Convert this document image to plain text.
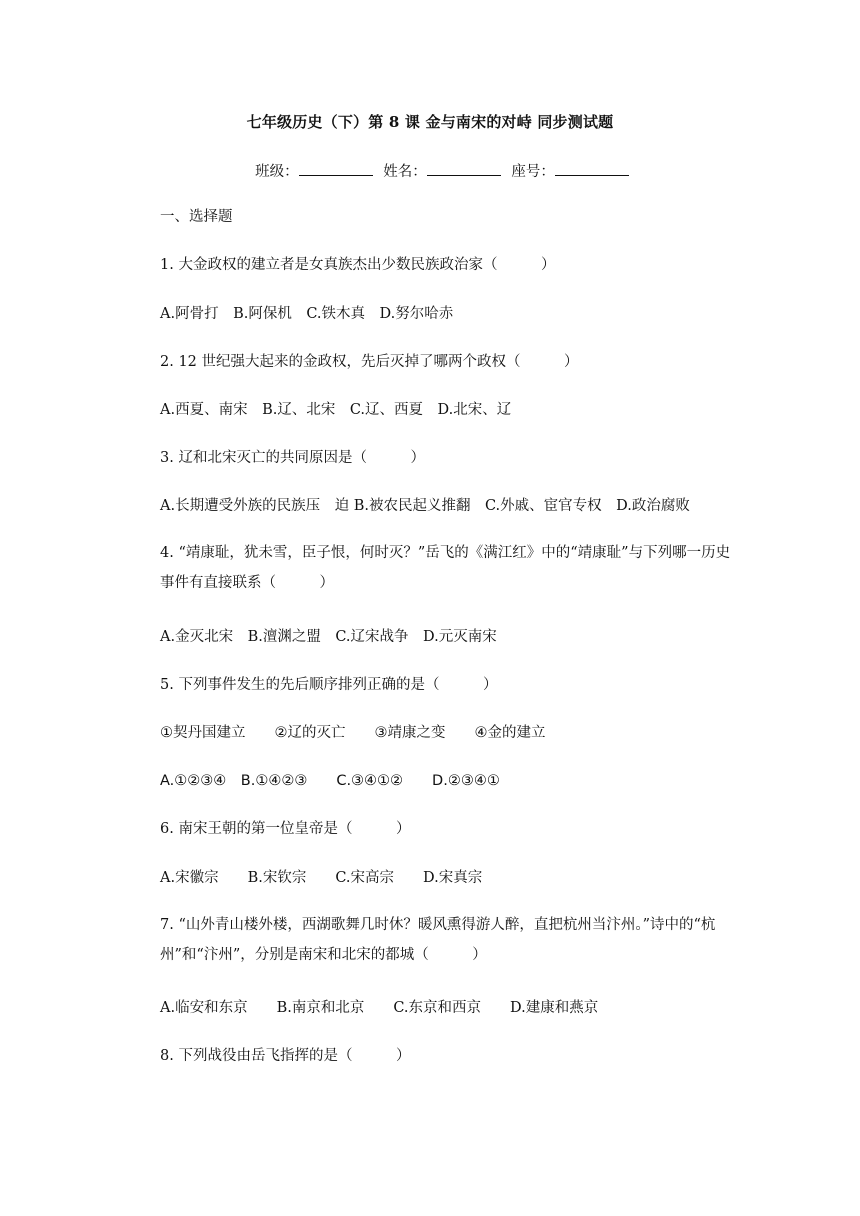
七年级历史（下）第 8 课 金与南宋的对峙 同步测试题
班级：	姓名：	座号：
一、选择题
1. 大金政权的建立者是女真族杰出少数民族政治家（　　　）
A.阿骨打　B.阿保机　C.铁木真　D.努尔哈赤
2. 12 世纪强大起来的金政权，先后灭掉了哪两个政权（　　　）
A.西夏、南宋　B.辽、北宋　C.辽、西夏　D.北宋、辽
3. 辽和北宋灭亡的共同原因是（　　　）
A.长期遭受外族的民族压　迫 B.被农民起义推翻　C.外戚、宦官专权　D.政治腐败
4. “靖康耻，犹未雪，臣子恨，何时灭？”岳飞的《满江红》中的“靖康耻”与下列哪一历史事件有直接联系（　　　）
A.金灭北宋　B.澶渊之盟　C.辽宋战争　D.元灭南宋
5. 下列事件发生的先后顺序排列正确的是（　　　）
①契丹国建立　　②辽的灭亡　　③靖康之变　　④金的建立
A.①②③④　B.①④②③　　C.③④①②　　D.②③④①
6. 南宋王朝的第一位皇帝是（　　　）
A.宋徽宗　　B.宋钦宗　　C.宋高宗　　D.宋真宗
7. “山外青山楼外楼，西湖歌舞几时休？暖风熏得游人醉，直把杭州当汴州。”诗中的“杭州”和“汴州”，分别是南宋和北宋的都城（　　　）
A.临安和东京　　B.南京和北京　　C.东京和西京　　D.建康和燕京
8. 下列战役由岳飞指挥的是（　　　）
